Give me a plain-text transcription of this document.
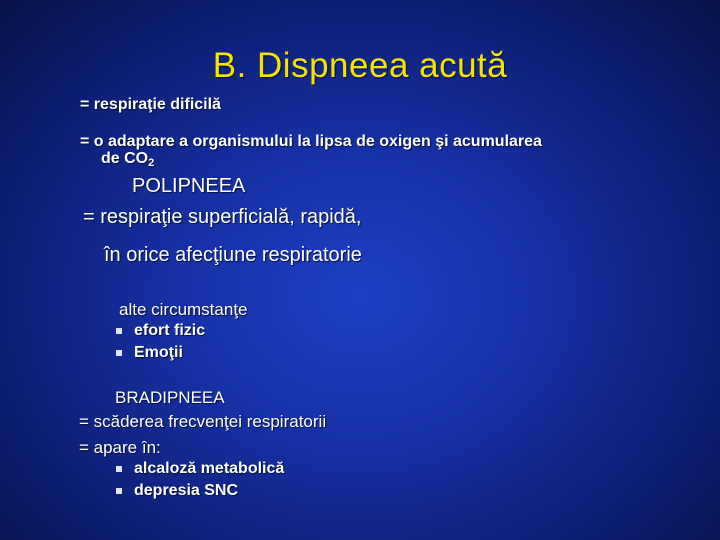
B. Dispneea acută
= respiraţie dificilă
= o adaptare a organismului la lipsa de oxigen şi acumularea
de $CO_2$
POLIPNEEA
= respiraţie superficială, rapidă,
în orice afecţiune respiratorie
alte circumstanţe
efort fizic
Emoţii
BRADIPNEEA
= scăderea frecvenţei respiratorii
= apare în:
alcaloză metabolică
depresia SNC
